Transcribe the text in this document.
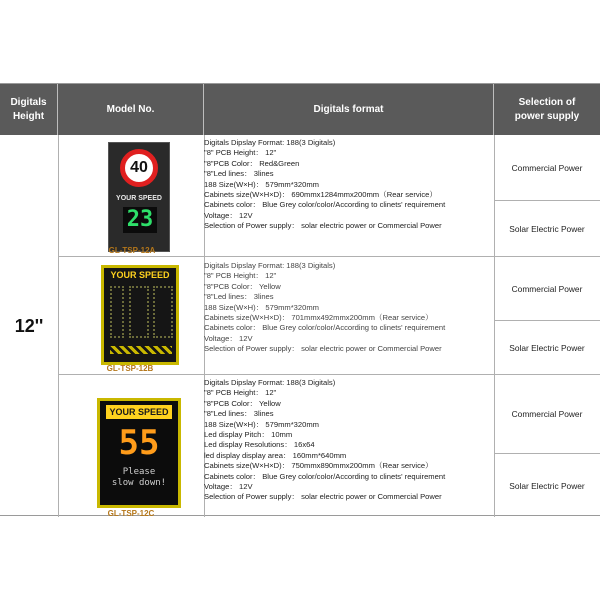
Digitals
Height
Model No.	Digitals format
Selection of
power supply
12''
40
YOUR SPEED
23
GL-TSP-12A
Digitals Dipslay Format: 188(3 Digitals)
"8" PCB Height： 12"
"8"PCB Color： Red&Green
"8"Led lines： 3lines
188 Size(W×H)： 579mm*320mm
Cabinets size(W×H×D)： 690mmx1284mmx200mm（Rear service）
Cabinets color： Blue Grey color/color/According to clinets' requirement
Voltage： 12V
Selection of Power supply： solar electric power or Commercial Power
Commercial Power
Solar Electric Power
YOUR SPEED
GL-TSP-12B
Digitals Dipslay Format: 188(3 Digitals)
"8" PCB Height： 12"
"8"PCB Color： Yellow
"8"Led lines： 3lines
188 Size(W×H)： 579mm*320mm
Cabinets size(W×H×D)： 701mmx492mmx200mm（Rear service）
Cabinets color： Blue Grey color/color/According to clinets' requirement
Voltage： 12V
Selection of Power supply： solar electric power or Commercial Power
Commercial Power
Solar Electric Power
YOUR SPEED
55
Please
slow down!
GL-TSP-12C
Digitals Dipslay Format: 188(3 Digitals)
"8" PCB Height： 12"
"8"PCB Color： Yellow
"8"Led lines： 3lines
188 Size(W×H)： 579mm*320mm
Led display Pitch： 10mm
Led display Resolutions： 16x64
led display display area： 160mm*640mm
Cabinets size(W×H×D)： 750mmx890mmx200mm（Rear service）
Cabinets color： Blue Grey color/color/According to clinets' requirement
Voltage： 12V
Selection of Power supply： solar electric power or Commercial Power
Commercial Power
Solar Electric Power
